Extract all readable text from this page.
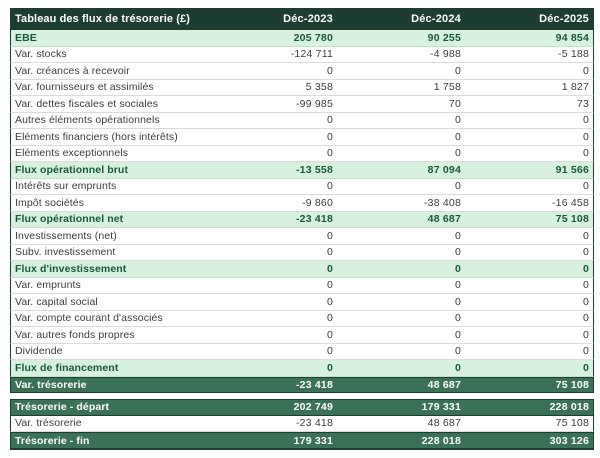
Tableau des flux de trésorerie (£)	Déc-2023	Déc-2024	Déc-2025
EBE	205 780	90 255	94 854
Var. stocks	-124 711	-4 988	-5 188
Var. créances à recevoir	0	0	0
Var. fournisseurs et assimilés	5 358	1 758	1 827
Var. dettes fiscales et sociales	-99 985	70	73
Autres éléments opérationnels	0	0	0
Eléments financiers (hors intérêts)	0	0	0
Eléments exceptionnels	0	0	0
Flux opérationnel brut	-13 558	87 094	91 566
Intérêts sur emprunts	0	0	0
Impôt sociétés	-9 860	-38 408	-16 458
Flux opérationnel net	-23 418	48 687	75 108
Investissements (net)	0	0	0
Subv. investissement	0	0	0
Flux d'investissement	0	0	0
Var. emprunts	0	0	0
Var. capital social	0	0	0
Var. compte courant d'associés	0	0	0
Var. autres fonds propres	0	0	0
Dividende	0	0	0
Flux de financement	0	0	0
Var. trésorerie	-23 418	48 687	75 108
Trésorerie - départ	202 749	179 331	228 018
Var. trésorerie	-23 418	48 687	75 108
Trésorerie - fin	179 331	228 018	303 126
